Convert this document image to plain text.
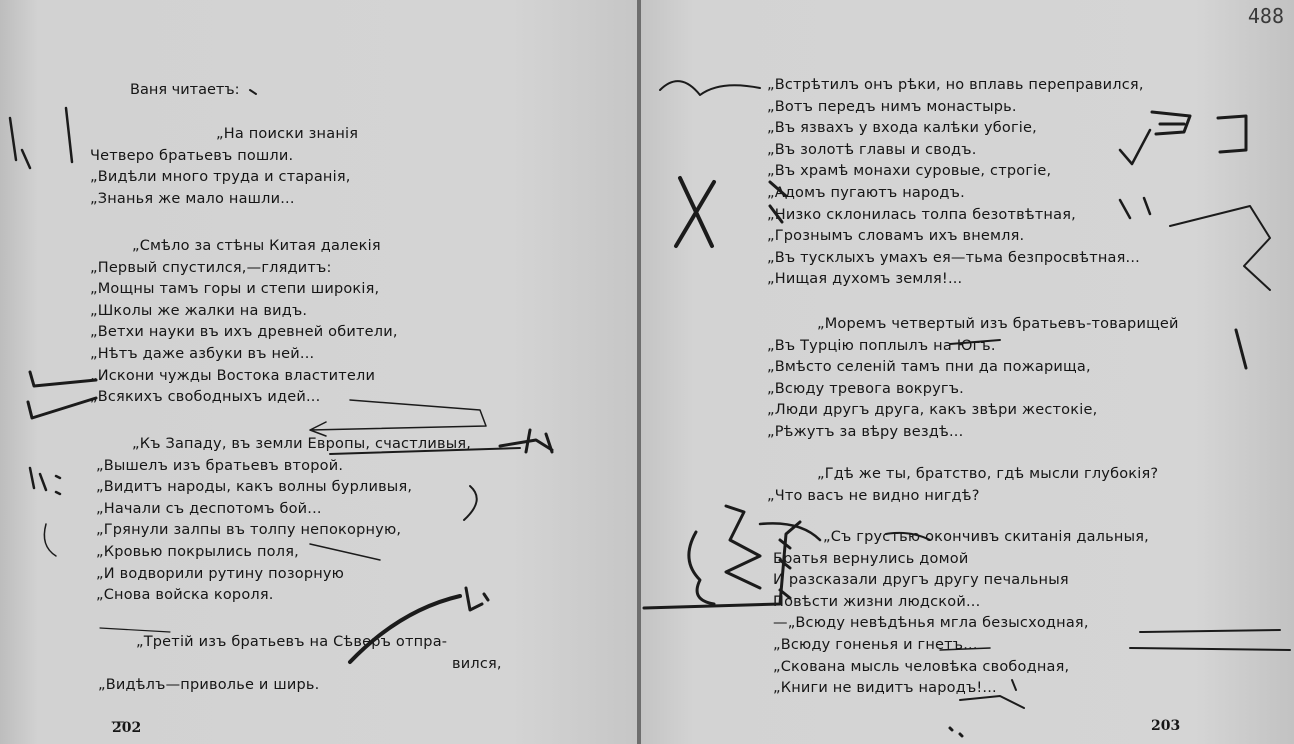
Ваня читаетъ:
„На поиски знанія
Четверо братьевъ пошли.
„Видѣли много труда и старанія,
„Знанья же мало нашли...
„Смѣло за стѣны Китая далекія
„Первый спустился,—глядитъ:
„Мощны тамъ горы и степи широкія,
„Школы же жалки на видъ.
„Ветхи науки въ ихъ древней обители,
„Нѣтъ даже азбуки въ ней...
„Искони чужды Востока властители
„Всякихъ свободныхъ идей...
„Къ Западу, въ земли Европы, счастливыя,
„Вышелъ изъ братьевъ второй.
„Видитъ народы, какъ волны бурливыя,
„Начали съ деспотомъ бой...
„Грянули залпы въ толпу непокорную,
„Кровью покрылись поля,
„И водворили рутину позорную
„Снова войска короля.
„Третій изъ братьевъ на Сѣверъ отпра-
вился,
„Видѣлъ—приволье и ширь.
202
„Встрѣтилъ онъ рѣки, но вплавь переправился,
„Вотъ передъ нимъ монастырь.
„Въ язвахъ у входа калѣки убогіе,
„Въ золотѣ главы и сводъ.
„Въ храмѣ монахи суровые, строгіе,
„Адомъ пугаютъ народъ.
„Низко склонилась толпа безотвѣтная,
„Грознымъ словамъ ихъ внемля.
„Въ тусклыхъ умахъ ея—тьма безпросвѣтная...
„Нищая духомъ земля!...
„Моремъ четвертый изъ братьевъ-товарищей
„Въ Турцію поплылъ на Югъ.
„Вмѣсто селеній тамъ пни да пожарища,
„Всюду тревога вокругъ.
„Люди другъ друга, какъ звѣри жестокіе,
„Рѣжутъ за вѣру вездѣ...
„Гдѣ же ты, братство, гдѣ мысли глубокія?
„Что васъ не видно нигдѣ?
„Съ грустью окончивъ скитанія дальныя,
Братья вернулись домой
И разсказали другъ другу печальныя
Повѣсти жизни людской...
—„Всюду невѣдѣнья мгла безысходная,
„Всюду гоненья и гнетъ...
„Скована мысль человѣка свободная,
„Книги не видитъ народъ!...
203
488
